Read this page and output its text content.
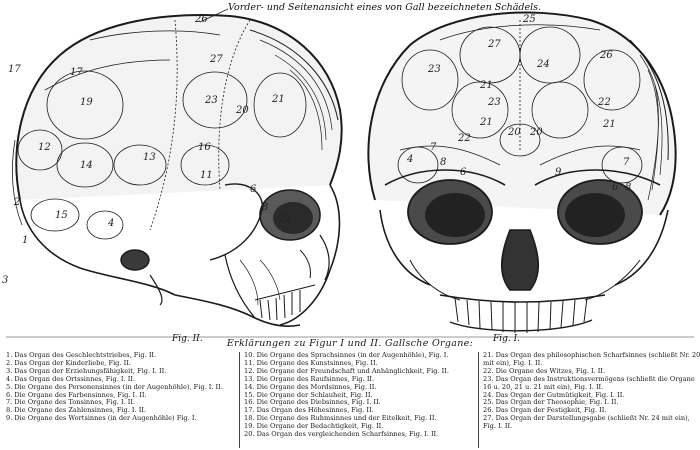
26
27
17
19	23	21
12
14
16
1
20
11
13
2
15
3
4
6
8
22
17
25
27
24
26
23
23
21
22
21
20 20
21
22
4
7
8
6	9
6
7
8
Vorder- und Seitenansicht eines von Gall bezeichneten Schädels.
Fig. II.	Fig. I.
Erklärungen zu Figur I und II. Gallsche Organe:
1. Das Organ des Geschlechtstriebes, Fig. II.
2. Das Organ der Kinderliebe, Fig. II.
3. Das Organ der Erziehungsfähigkeit, Fig. I. II.
4. Das Organ des Ortssinnes, Fig. I. II.
5. Die Organe des Personensinnes (in der Augenhöhle), Fig. I. II.
6. Die Organe des Farbensinnes, Fig. I. II.
7. Die Organe des Tonsinnes, Fig. I. II.
8. Die Organe des Zahlensinnes, Fig. I. II.
9. Die Organe des Wortsinnes (in der Augenhöhle) Fig. I.
10. Die Organe des Sprachsinnes (in der Augenhöhle), Fig. I.
11. Die Organe des Kunstsinnes, Fig. II.
12. Die Organe der Freundschaft und Anhänglichkeit, Fig. II.
13. Die Organe des Raufsinnes, Fig. II.
14. Die Organe des Mordsinnes, Fig. II.
15. Die Organe der Schlauheit, Fig. II.
16. Die Organe des Diebsinnes, Fig. I. II.
17. Das Organ des Höhesinnes, Fig. II.
18. Die Organe des Ruhmsinnes und der Eitelkeit, Fig. II.
19. Die Organe der Bedachtigkeit, Fig. II.
20. Das Organ des vergleichenden Scharfsinnes, Fig. I. II.
21. Das Organ des philosophischen Scharfsinnes (schließt Nr. 20 mit ein), Fig. I. II.
22. Die Organe des Witzes, Fig. I. II.
23. Das Organ des Instruktionsvermögens (schließt die Organe 16 u. 20, 21 u. 21 mit ein), Fig. I. II.
24. Das Organ der Gutmütigkeit, Fig. I. II.
25. Das Organ der Theosophie, Fig. I. II.
26. Das Organ der Festigkeit, Fig. II.
27. Das Organ der Darstellungsgabe (schließt Nr. 24 mit ein), Fig. I. II.
